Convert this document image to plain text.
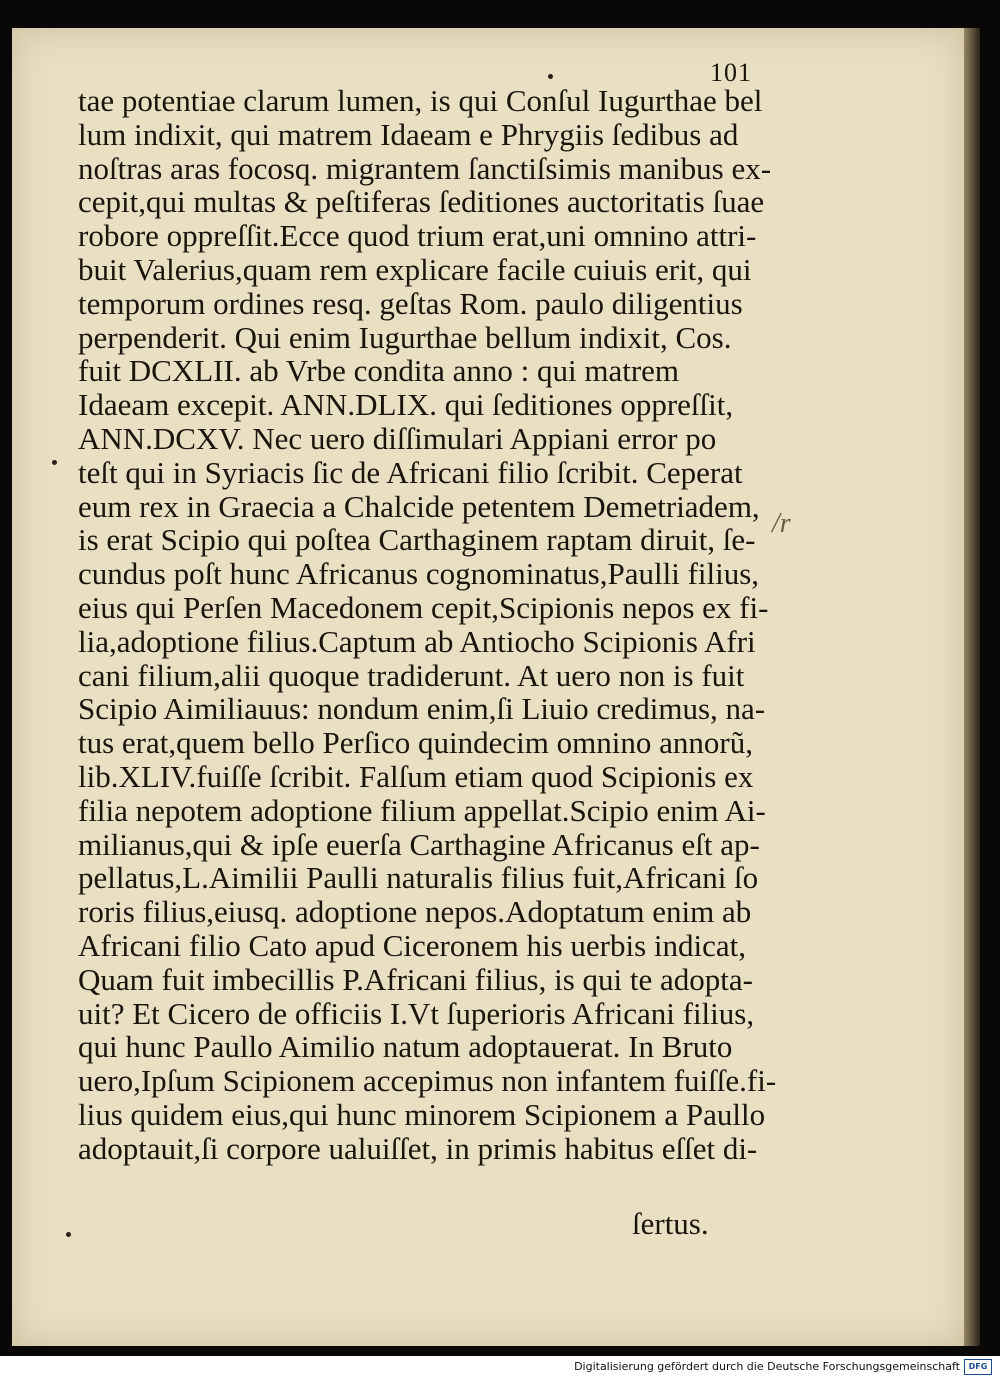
101
tae potentiae clarum lumen, is qui Conſul Iugurthae bel
lum indixit, qui matrem Idaeam e Phrygiis ſedibus ad
noſtras aras focosq. migrantem ſanctiſsimis manibus ex-
cepit,qui multas & peſtiferas ſeditiones auctoritatis ſuae
robore oppreſſit.Ecce quod trium erat,uni omnino attri-
buit Valerius,quam rem explicare facile cuiuis erit, qui
temporum ordines resq. geſtas Rom. paulo diligentius
perpenderit. Qui enim Iugurthae bellum indixit, Cos.
fuit DCXLII. ab Vrbe condita anno : qui matrem
Idaeam excepit. ANN.DLIX. qui ſeditiones oppreſſit,
ANN.DCXV. Nec uero diſſimulari Appiani error po
teſt qui in Syriacis ſic de Africani filio ſcribit. Ceperat
eum rex in Graecia a Chalcide petentem Demetriadem,
is erat Scipio qui poſtea Carthaginem raptam diruit, ſe-
cundus poſt hunc Africanus cognominatus,Paulli filius,
eius qui Perſen Macedonem cepit,Scipionis nepos ex fi-
lia,adoptione filius.Captum ab Antiocho Scipionis Afri
cani filium,alii quoque tradiderunt. At uero non is fuit
Scipio Aimiliauus: nondum enim,ſi Liuio credimus, na-
tus erat,quem bello Perſico quindecim omnino annorũ,
lib.XLIV.fuiſſe ſcribit. Falſum etiam quod Scipionis ex
filia nepotem adoptione filium appellat.Scipio enim Ai-
milianus,qui & ipſe euerſa Carthagine Africanus eſt ap-
pellatus,L.Aimilii Paulli naturalis filius fuit,Africani ſo
roris filius,eiusq. adoptione nepos.Adoptatum enim ab
Africani filio Cato apud Ciceronem his uerbis indicat,
Quam fuit imbecillis P.Africani filius, is qui te adopta-
uit? Et Cicero de officiis I.Vt ſuperioris Africani filius,
qui hunc Paullo Aimilio natum adoptauerat. In Bruto
uero,Ipſum Scipionem accepimus non infantem fuiſſe.fi-
lius quidem eius,qui hunc minorem Scipionem a Paullo
adoptauit,ſi corpore ualuiſſet, in primis habitus eſſet di-
ſertus.
/r
Digitalisierung gefördert durch die Deutsche Forschungsgemeinschaft	DFG
